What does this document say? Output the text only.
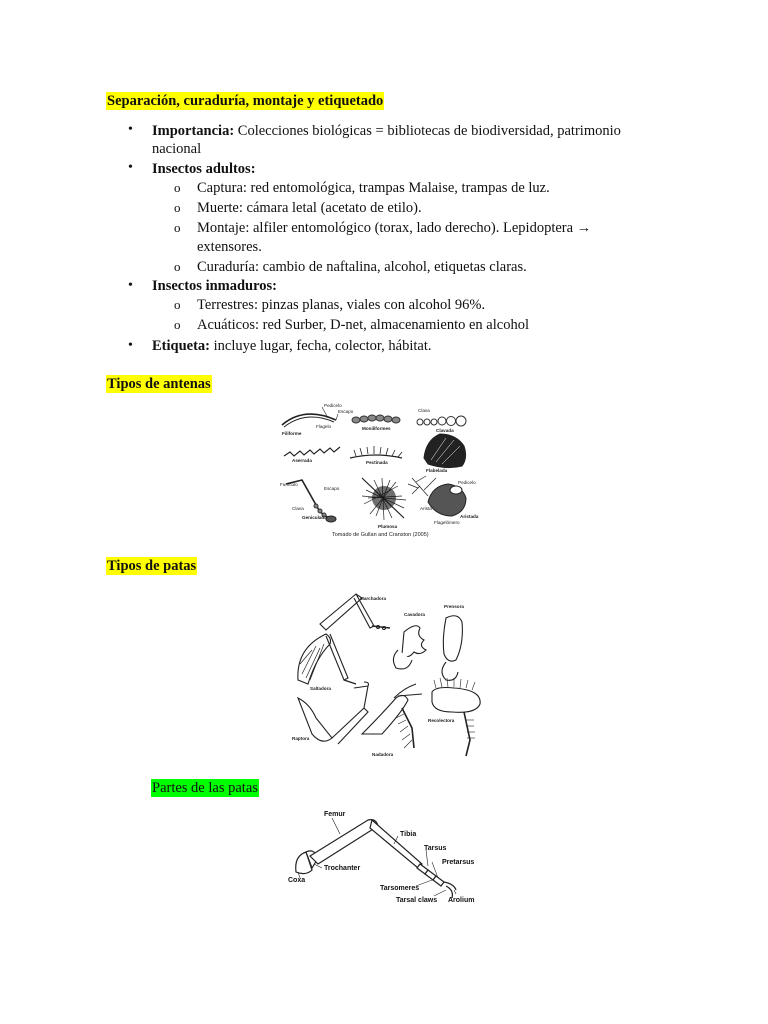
Separación, curaduría, montaje y etiquetado
• Importancia: Colecciones biológicas = bibliotecas de biodiversidad, patrimonio
nacional
• Insectos adultos:
o Captura: red entomológica, trampas Malaise, trampas de luz.
o Muerte: cámara letal (acetato de etilo).
o Montaje: alfiler entomológico (torax, lado derecho). Lepidoptera →
extensores.
o Curaduría: cambio de naftalina, alcohol, etiquetas claras.
• Insectos inmaduros:
o Terrestres: pinzas planas, viales con alcohol 96%.
o Acuáticos: red Surber, D-net, almacenamiento en alcohol
• Etiqueta: incluye lugar, fecha, colector, hábitat.
Tipos de antenas
Pedicelo
Escapo
Flagelo
Filiforme
Moniliformes
Clava
Clavada
Aserrada	Pectinada
Flabelada
Funículo
Escapo
Clava
Geniculada
Plumosa
Pedicelo
Arista
Aristada
Flagelómero
Tomado de Gullan and Cranston (2005)
Tipos de patas
Marchadora
Cavadora
Prensora
Saltadora
Raptora
Nadadora
Recolectora
Partes de las patas
Femur
Tibia
Tarsus
Pretarsus
Trochanter
Coxa
Tarsomeres
Tarsal claws Arolium
